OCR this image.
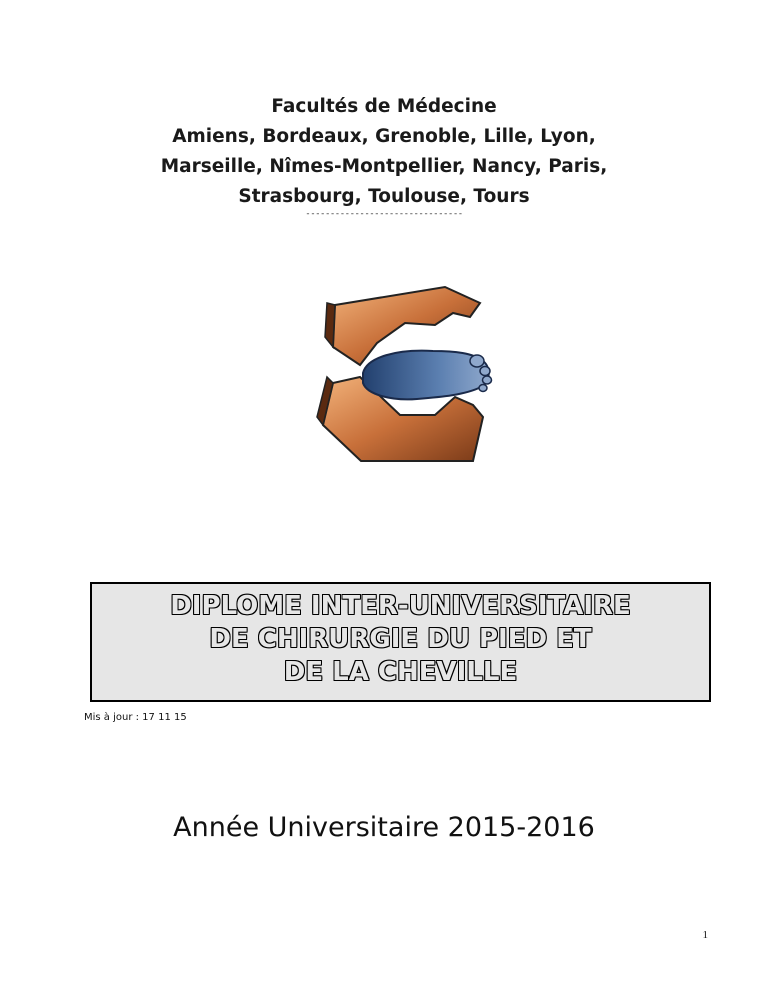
Facultés de Médecine
Amiens, Bordeaux, Grenoble, Lille, Lyon,
Marseille, Nîmes-Montpellier, Nancy, Paris,
Strasbourg, Toulouse, Tours
--------------------------------
DIPLOME INTER-UNIVERSITAIRE
DE CHIRURGIE DU PIED ET
DE LA CHEVILLE
Mis à jour : 17 11 15
Année Universitaire 2015-2016
1
